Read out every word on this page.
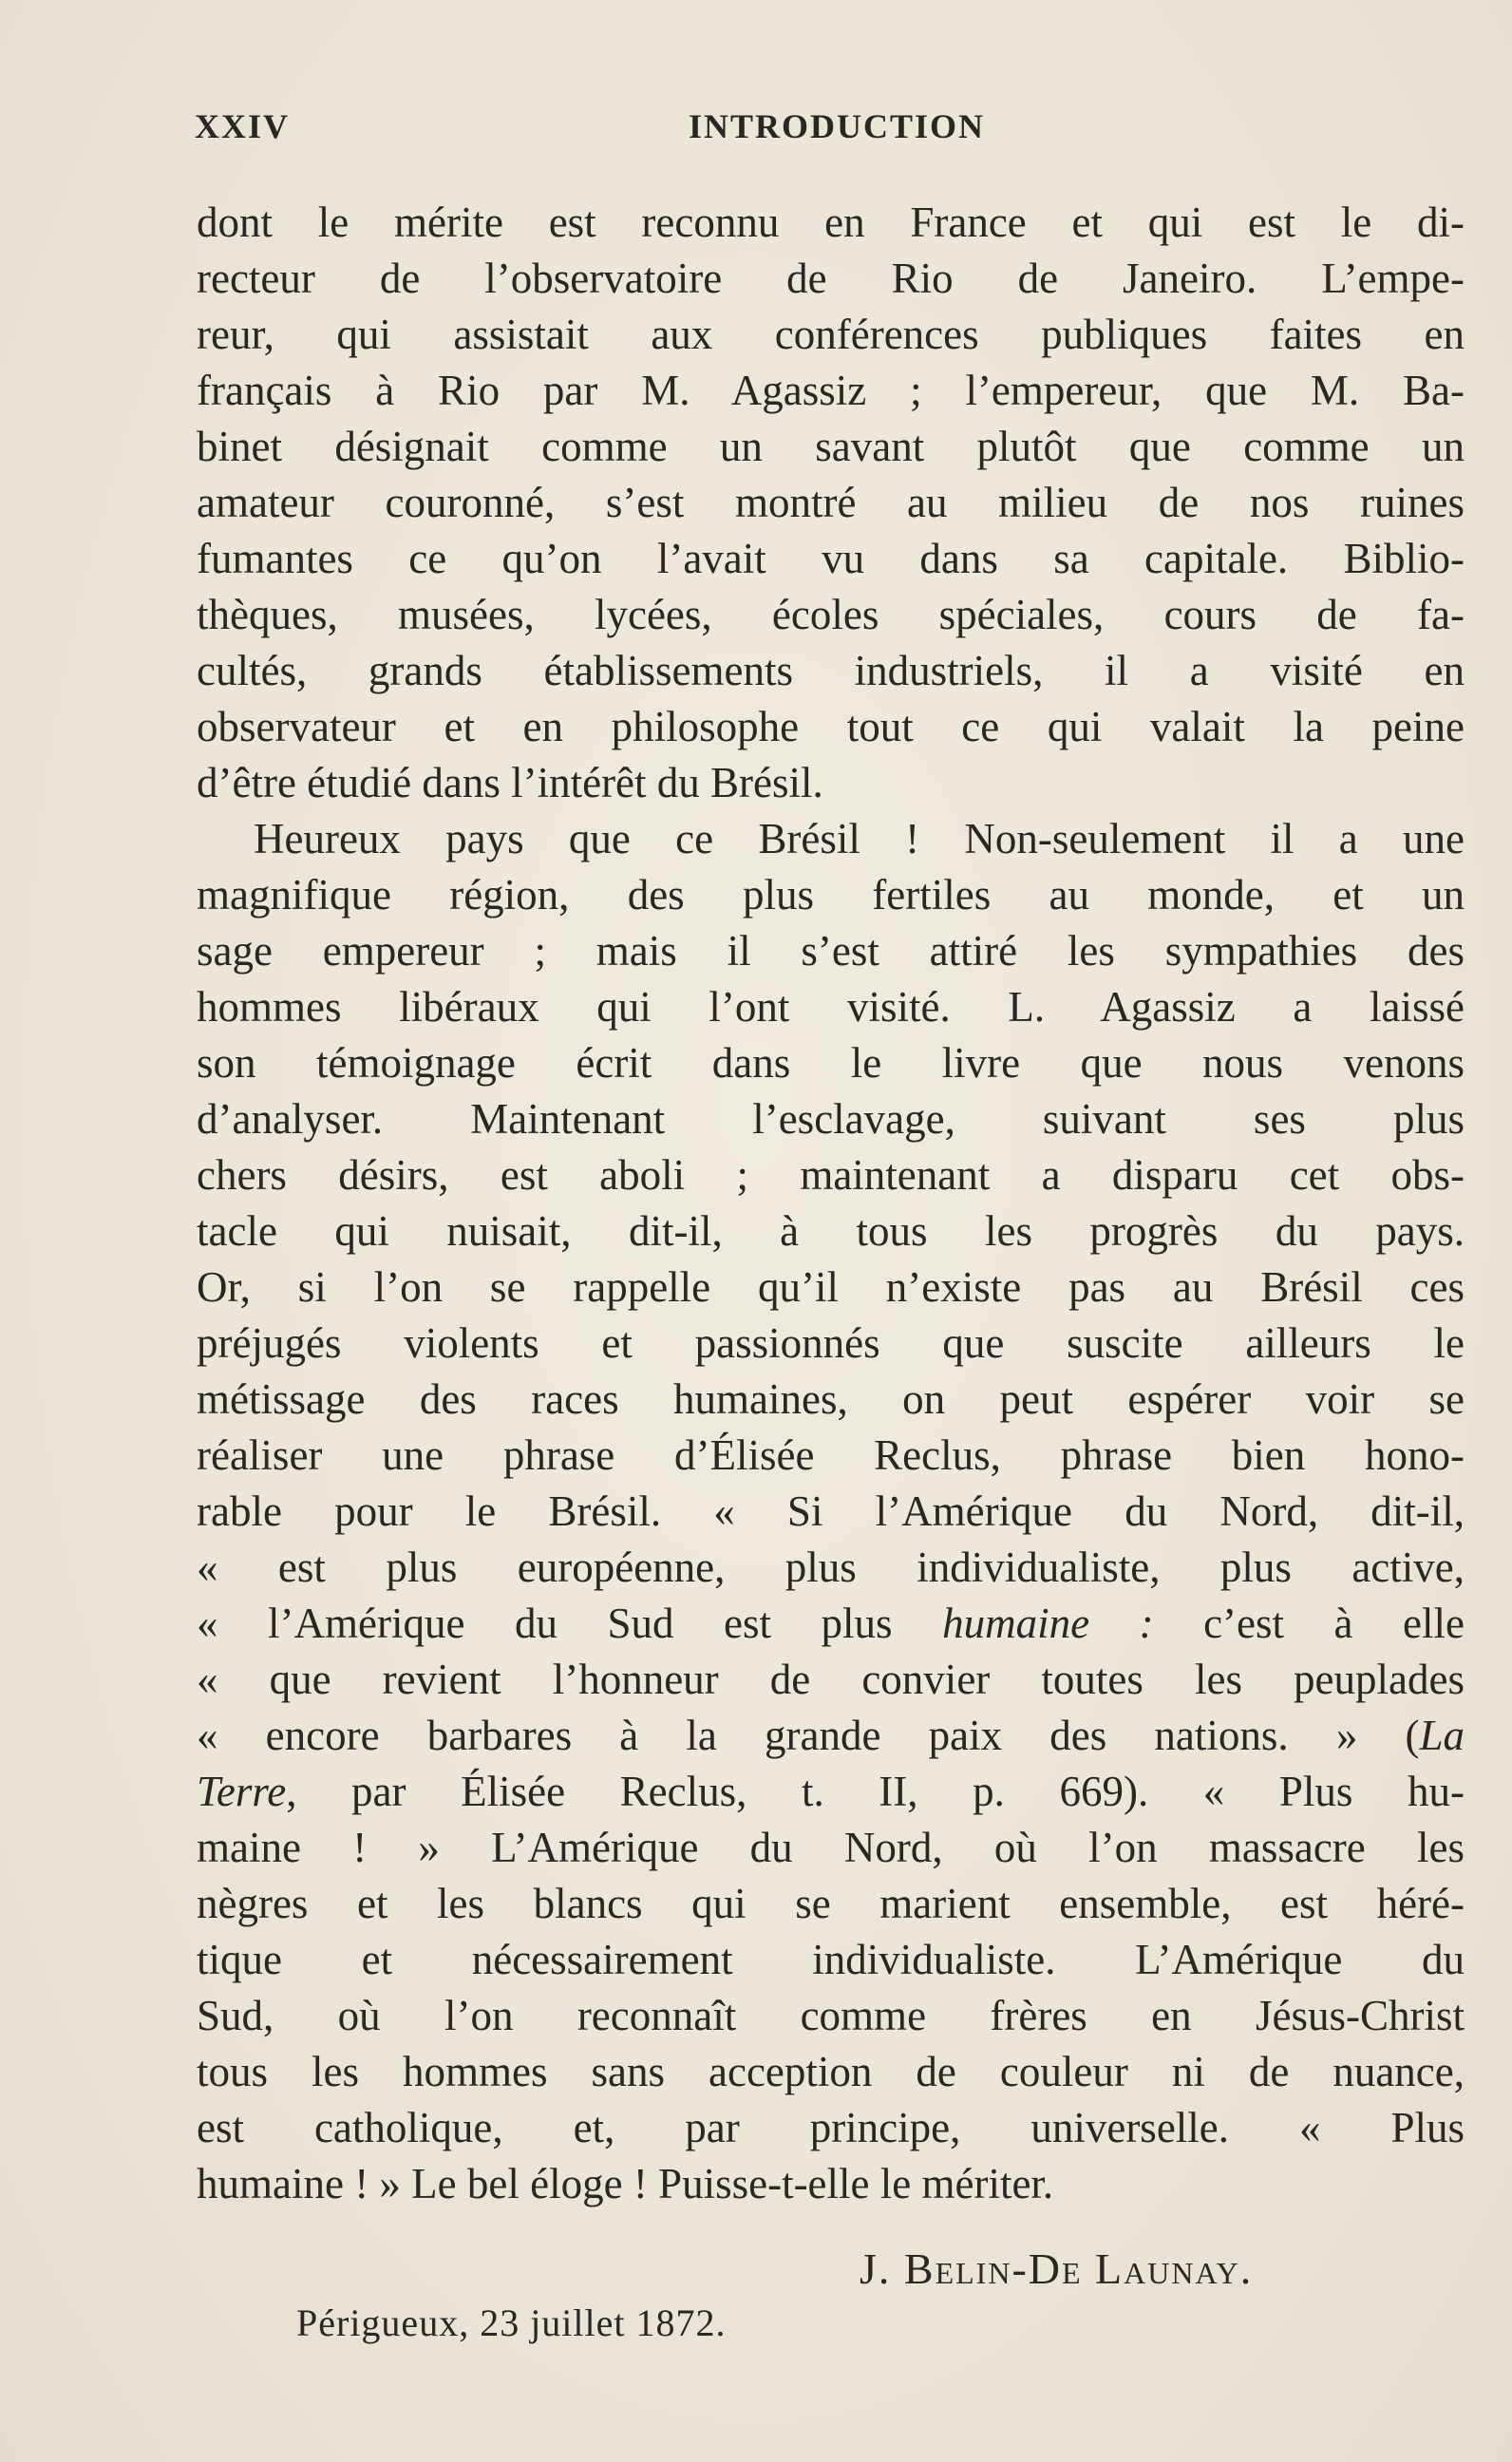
XXIV	INTRODUCTION
dont le mérite est reconnu en France et qui est le di-
recteur de l’observatoire de Rio de Janeiro. L’empe-
reur, qui assistait aux conférences publiques faites en
français à Rio par M. Agassiz ; l’empereur, que M. Ba-
binet désignait comme un savant plutôt que comme un
amateur couronné, s’est montré au milieu de nos ruines
fumantes ce qu’on l’avait vu dans sa capitale. Biblio-
thèques, musées, lycées, écoles spéciales, cours de fa-
cultés, grands établissements industriels, il a visité en
observateur et en philosophe tout ce qui valait la peine
d’être étudié dans l’intérêt du Brésil.
Heureux pays que ce Brésil ! Non-seulement il a une
magnifique région, des plus fertiles au monde, et un
sage empereur ; mais il s’est attiré les sympathies des
hommes libéraux qui l’ont visité. L. Agassiz a laissé
son témoignage écrit dans le livre que nous venons
d’analyser. Maintenant l’esclavage, suivant ses plus
chers désirs, est aboli ; maintenant a disparu cet obs-
tacle qui nuisait, dit-il, à tous les progrès du pays.
Or, si l’on se rappelle qu’il n’existe pas au Brésil ces
préjugés violents et passionnés que suscite ailleurs le
métissage des races humaines, on peut espérer voir se
réaliser une phrase d’Élisée Reclus, phrase bien hono-
rable pour le Brésil. « Si l’Amérique du Nord, dit-il,
« est plus européenne, plus individualiste, plus active,
« l’Amérique du Sud est plus humaine : c’est à elle
« que revient l’honneur de convier toutes les peuplades
« encore barbares à la grande paix des nations. » (La
Terre, par Élisée Reclus, t. II, p. 669). « Plus hu-
maine ! » L’Amérique du Nord, où l’on massacre les
nègres et les blancs qui se marient ensemble, est héré-
tique et nécessairement individualiste. L’Amérique du
Sud, où l’on reconnaît comme frères en Jésus-Christ
tous les hommes sans acception de couleur ni de nuance,
est catholique, et, par principe, universelle. « Plus
humaine ! » Le bel éloge ! Puisse-t-elle le mériter.
J. Belin-De Launay.
Périgueux, 23 juillet 1872.
